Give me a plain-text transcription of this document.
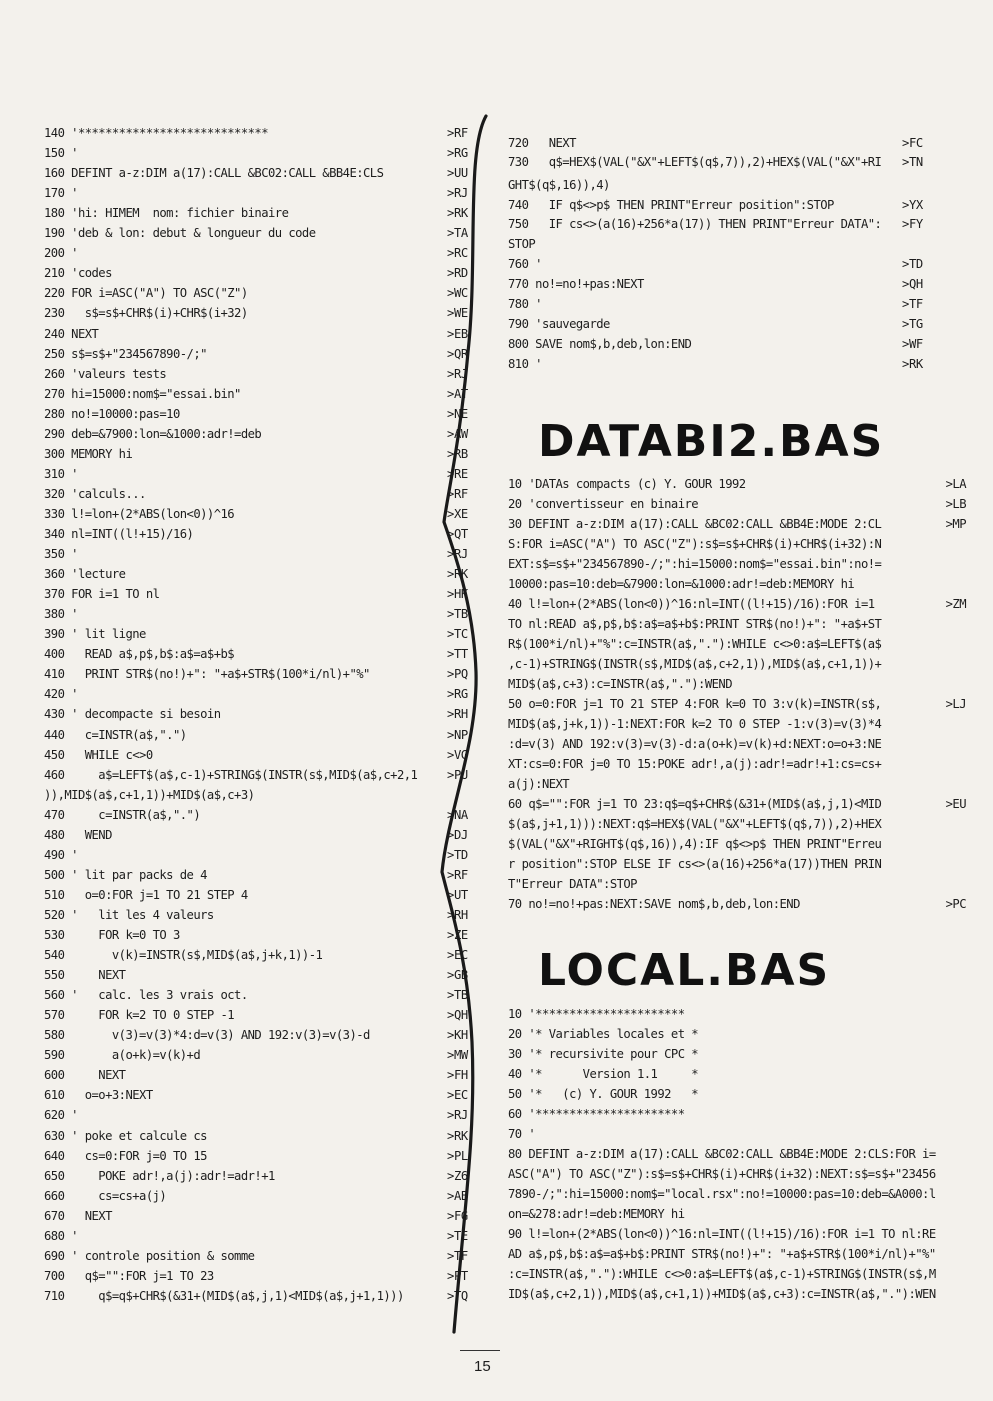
140 '****************************	>RF
150 '	>RG
160 DEFINT a-z:DIM a(17):CALL &BC02:CALL &BB4E:CLS	>UU
170 '	>RJ
180 'hi: HIMEM  nom: fichier binaire	>RK
190 'deb & lon: debut & longueur du code	>TA
200 '	>RC
210 'codes	>RD
220 FOR i=ASC("A") TO ASC("Z")	>WC
230   s$=s$+CHR$(i)+CHR$(i+32)	>WE
240 NEXT	>EB
250 s$=s$+"234567890-/;"	>QR
260 'valeurs tests	>RJ
270 hi=15000:nom$="essai.bin"	>AT
280 no!=10000:pas=10	>NE
290 deb=&7900:lon=&1000:adr!=deb	>AW
300 MEMORY hi	>RB
310 '	>RE
320 'calculs...	>RF
330 l!=lon+(2*ABS(lon<0))^16	>XE
340 nl=INT((l!+15)/16)	>QT
350 '	>RJ
360 'lecture	>RK
370 FOR i=1 TO nl	>HK
380 '	>TB
390 ' lit ligne	>TC
400   READ a$,p$,b$:a$=a$+b$	>TT
410   PRINT STR$(no!)+": "+a$+STR$(100*i/nl)+"%"	>PQ
420 '	>RG
430 ' decompacte si besoin	>RH
440   c=INSTR(a$,".")	>NP
450   WHILE c<>0	>VG
460     a$=LEFT$(a$,c-1)+STRING$(INSTR(s$,MID$(a$,c+2,1 >PU
)),MID$(a$,c+1,1))+MID$(a$,c+3)
470     c=INSTR(a$,".")	>NA
480   WEND	>DJ
490 '	>TD
500 ' lit par packs de 4	>RF
510   o=0:FOR j=1 TO 21 STEP 4	>UT
520 '   lit les 4 valeurs	>RH
530     FOR k=0 TO 3	>ZE
540       v(k)=INSTR(s$,MID$(a$,j+k,1))-1	>EC
550     NEXT	>GB
560 '   calc. les 3 vrais oct.	>TB
570     FOR k=2 TO 0 STEP -1	>QH
580       v(3)=v(3)*4:d=v(3) AND 192:v(3)=v(3)-d	>KH
590       a(o+k)=v(k)+d	>MW
600     NEXT	>FH
610   o=o+3:NEXT	>EC
620 '	>RJ
630 ' poke et calcule cs	>RK
640   cs=0:FOR j=0 TO 15	>PL
650     POKE adr!,a(j):adr!=adr!+1	>Z6
660     cs=cs+a(j)	>AB
670   NEXT	>FG
680 '	>TE
690 ' controle position & somme	>TF
700   q$="":FOR j=1 TO 23	>PT
710     q$=q$+CHR$(&31+(MID$(a$,j,1)<MID$(a$,j+1,1)))	>TQ
720   NEXT	>FC
730   q$=HEX$(VAL("&X"+LEFT$(q$,7)),2)+HEX$(VAL("&X"+RI >TN
GHT$(q$,16)),4)
740   IF q$<>p$ THEN PRINT"Erreur position":STOP	>YX
750   IF cs<>(a(16)+256*a(17)) THEN PRINT"Erreur DATA": >FY
STOP
760 '	>TD
770 no!=no!+pas:NEXT	>QH
780 '	>TF
790 'sauvegarde	>TG
800 SAVE nom$,b,deb,lon:END	>WF
810 '	>RK
DATABI2.BAS
10 'DATAs compacts (c) Y. GOUR 1992	>LA
20 'convertisseur en binaire	>LB
30 DEFINT a-z:DIM a(17):CALL &BC02:CALL &BB4E:MODE 2:CL	>MP
S:FOR i=ASC("A") TO ASC("Z"):s$=s$+CHR$(i)+CHR$(i+32):N
EXT:s$=s$+"234567890-/;":hi=15000:nom$="essai.bin":no!=
10000:pas=10:deb=&7900:lon=&1000:adr!=deb:MEMORY hi
40 l!=lon+(2*ABS(lon<0))^16:nl=INT((l!+15)/16):FOR i=1	>ZM
TO nl:READ a$,p$,b$:a$=a$+b$:PRINT STR$(no!)+": "+a$+ST
R$(100*i/nl)+"%":c=INSTR(a$,"."):WHILE c<>0:a$=LEFT$(a$
,c-1)+STRING$(INSTR(s$,MID$(a$,c+2,1)),MID$(a$,c+1,1))+
MID$(a$,c+3):c=INSTR(a$,"."):WEND
50 o=0:FOR j=1 TO 21 STEP 4:FOR k=0 TO 3:v(k)=INSTR(s$,	>LJ
MID$(a$,j+k,1))-1:NEXT:FOR k=2 TO 0 STEP -1:v(3)=v(3)*4
:d=v(3) AND 192:v(3)=v(3)-d:a(o+k)=v(k)+d:NEXT:o=o+3:NE
XT:cs=0:FOR j=0 TO 15:POKE adr!,a(j):adr!=adr!+1:cs=cs+
a(j):NEXT
60 q$="":FOR j=1 TO 23:q$=q$+CHR$(&31+(MID$(a$,j,1)<MID	>EU
$(a$,j+1,1))):NEXT:q$=HEX$(VAL("&X"+LEFT$(q$,7)),2)+HEX
$(VAL("&X"+RIGHT$(q$,16)),4):IF q$<>p$ THEN PRINT"Erreu
r position":STOP ELSE IF cs<>(a(16)+256*a(17))THEN PRIN
T"Erreur DATA":STOP
70 no!=no!+pas:NEXT:SAVE nom$,b,deb,lon:END	>PC
LOCAL.BAS
10 '**********************
20 '* Variables locales et *
30 '* recursivite pour CPC *
40 '*      Version 1.1     *
50 '*   (c) Y. GOUR 1992   *
60 '**********************
70 '
80 DEFINT a-z:DIM a(17):CALL &BC02:CALL &BB4E:MODE 2:CLS:FOR i=
ASC("A") TO ASC("Z"):s$=s$+CHR$(i)+CHR$(i+32):NEXT:s$=s$+"23456
7890-/;":hi=15000:nom$="local.rsx":no!=10000:pas=10:deb=&A000:l
on=&278:adr!=deb:MEMORY hi
90 l!=lon+(2*ABS(lon<0))^16:nl=INT((l!+15)/16):FOR i=1 TO nl:RE
AD a$,p$,b$:a$=a$+b$:PRINT STR$(no!)+": "+a$+STR$(100*i/nl)+"%"
:c=INSTR(a$,"."):WHILE c<>0:a$=LEFT$(a$,c-1)+STRING$(INSTR(s$,M
ID$(a$,c+2,1)),MID$(a$,c+1,1))+MID$(a$,c+3):c=INSTR(a$,"."):WEN
15
